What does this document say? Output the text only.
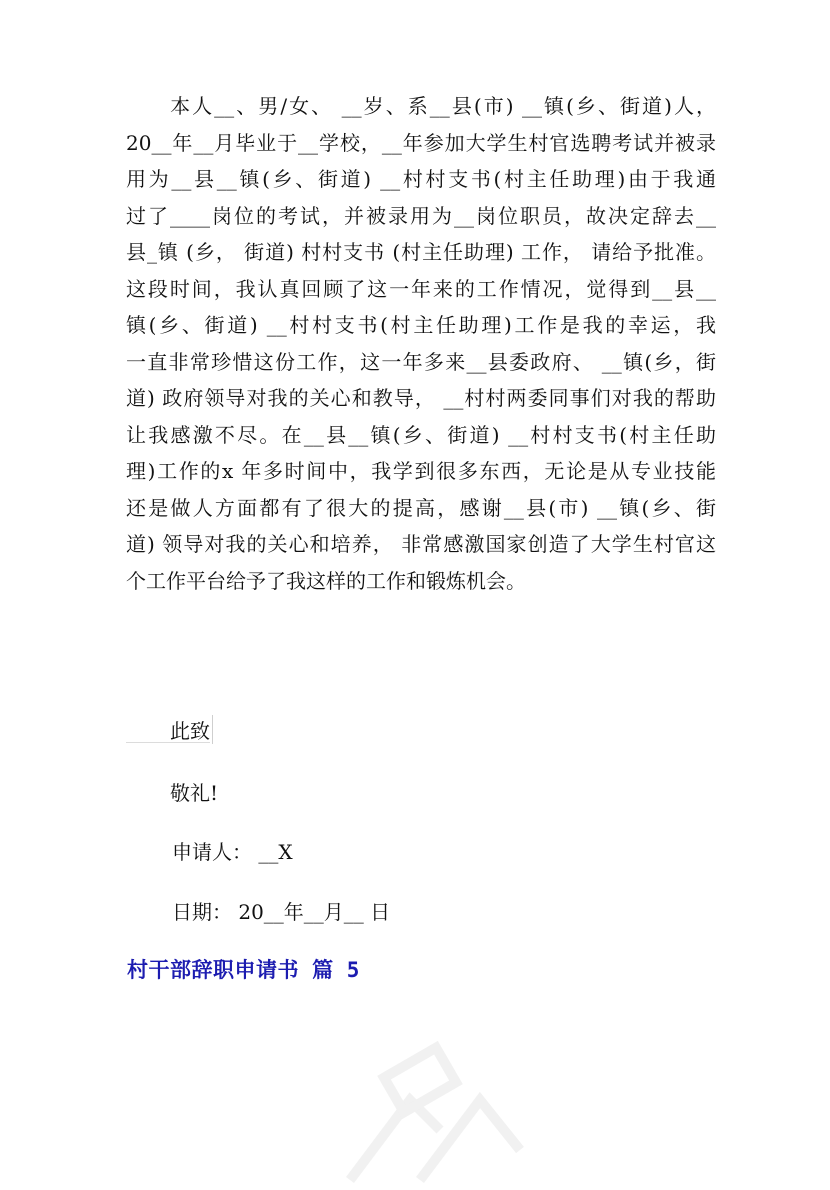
　　本人__、男/女、 __岁、系__县(市) __镇(乡、街道)人，
20__年__月毕业于__学校，__年参加大学生村官选聘考试并被录
用为__县__镇(乡、街道) __村村支书(村主任助理)由于我通
过了____岗位的考试，并被录用为__岗位职员，故决定辞去__
县_镇 (乡， 街道) 村村支书 (村主任助理) 工作， 请给予批准。
这段时间，我认真回顾了这一年来的工作情况，觉得到__县__
镇(乡、街道) __村村支书(村主任助理)工作是我的幸运，我
一直非常珍惜这份工作，这一年多来__县委政府、 __镇(乡，街
道) 政府领导对我的关心和教导， __村村两委同事们对我的帮助
让我感激不尽。在__县__镇(乡、街道) __村村支书(村主任助
理)工作的x 年多时间中，我学到很多东西，无论是从专业技能
还是做人方面都有了很大的提高，感谢__县(市) __镇(乡、街
道) 领导对我的关心和培养， 非常感激国家创造了大学生村官这
个工作平台给予了我这样的工作和锻炼机会。
此致
敬礼!
申请人： __X
日期： 20__年__月__ 日
村干部辞职申请书 篇 5
